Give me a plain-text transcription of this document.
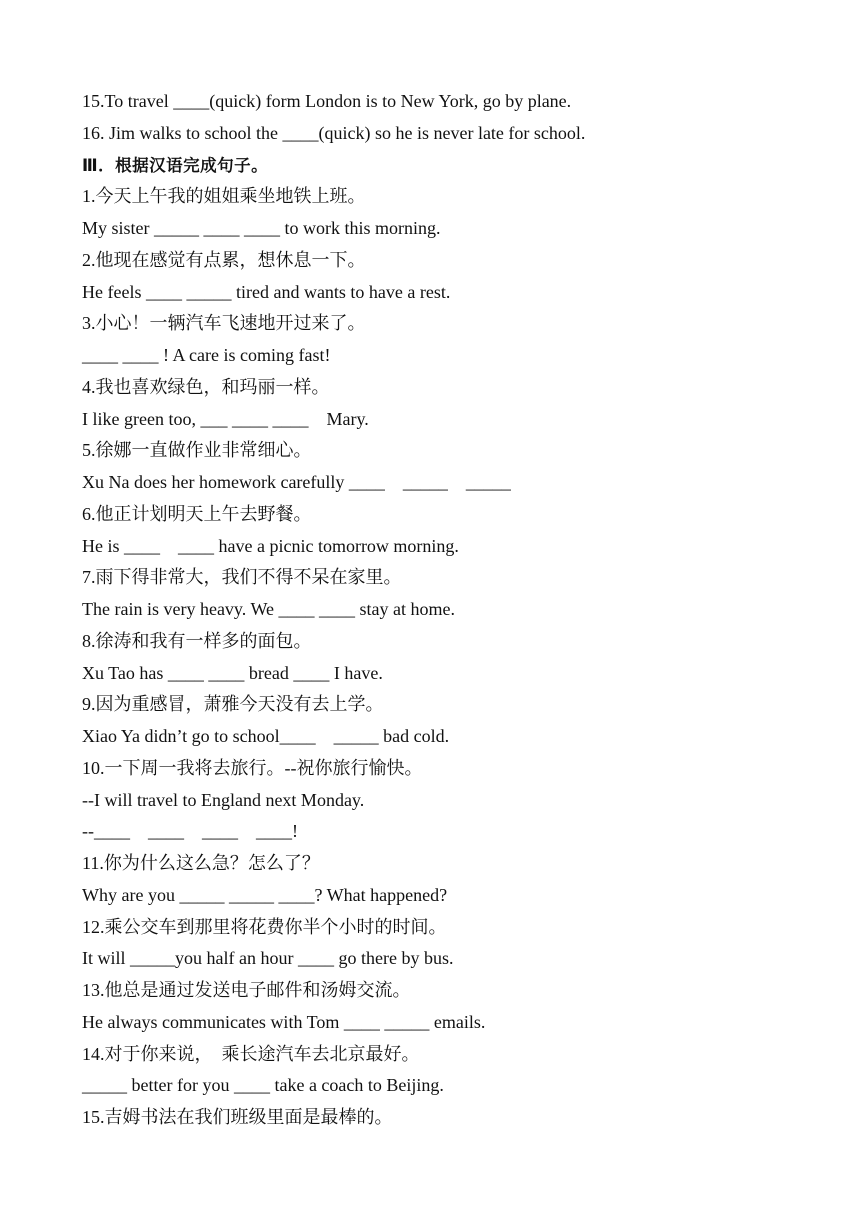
15.To travel ____(quick) form London is to New York, go by plane.
16. Jim walks to school the ____(quick) so he is never late for school.
Ⅲ．根据汉语完成句子。
1.今天上午我的姐姐乘坐地铁上班。
My sister _____ ____ ____ to work this morning.
2.他现在感觉有点累，想休息一下。
He feels ____ _____ tired and wants to have a rest.
3.小心！一辆汽车飞速地开过来了。
____ ____ ! A care is coming fast!
4.我也喜欢绿色，和玛丽一样。
I like green too, ___ ____ ____    Mary.
5.徐娜一直做作业非常细心。
Xu Na does her homework carefully ____    _____    _____
6.他正计划明天上午去野餐。
He is ____    ____ have a picnic tomorrow morning.
7.雨下得非常大，我们不得不呆在家里。
The rain is very heavy. We ____ ____ stay at home.
8.徐涛和我有一样多的面包。
Xu Tao has ____ ____ bread ____ I have.
9.因为重感冒，萧雅今天没有去上学。
Xiao Ya didn’t go to school____    _____ bad cold.
10.一下周一我将去旅行。--祝你旅行愉快。
--I will travel to England next Monday.
--____    ____    ____    ____!
11.你为什么这么急？怎么了？
Why are you _____ _____ ____? What happened?
12.乘公交车到那里将花费你半个小时的时间。
It will _____you half an hour ____ go there by bus.
13.他总是通过发送电子邮件和汤姆交流。
He always communicates with Tom ____ _____ emails.
14.对于你来说，  乘长途汽车去北京最好。
_____ better for you ____ take a coach to Beijing.
15.吉姆书法在我们班级里面是最棒的。
